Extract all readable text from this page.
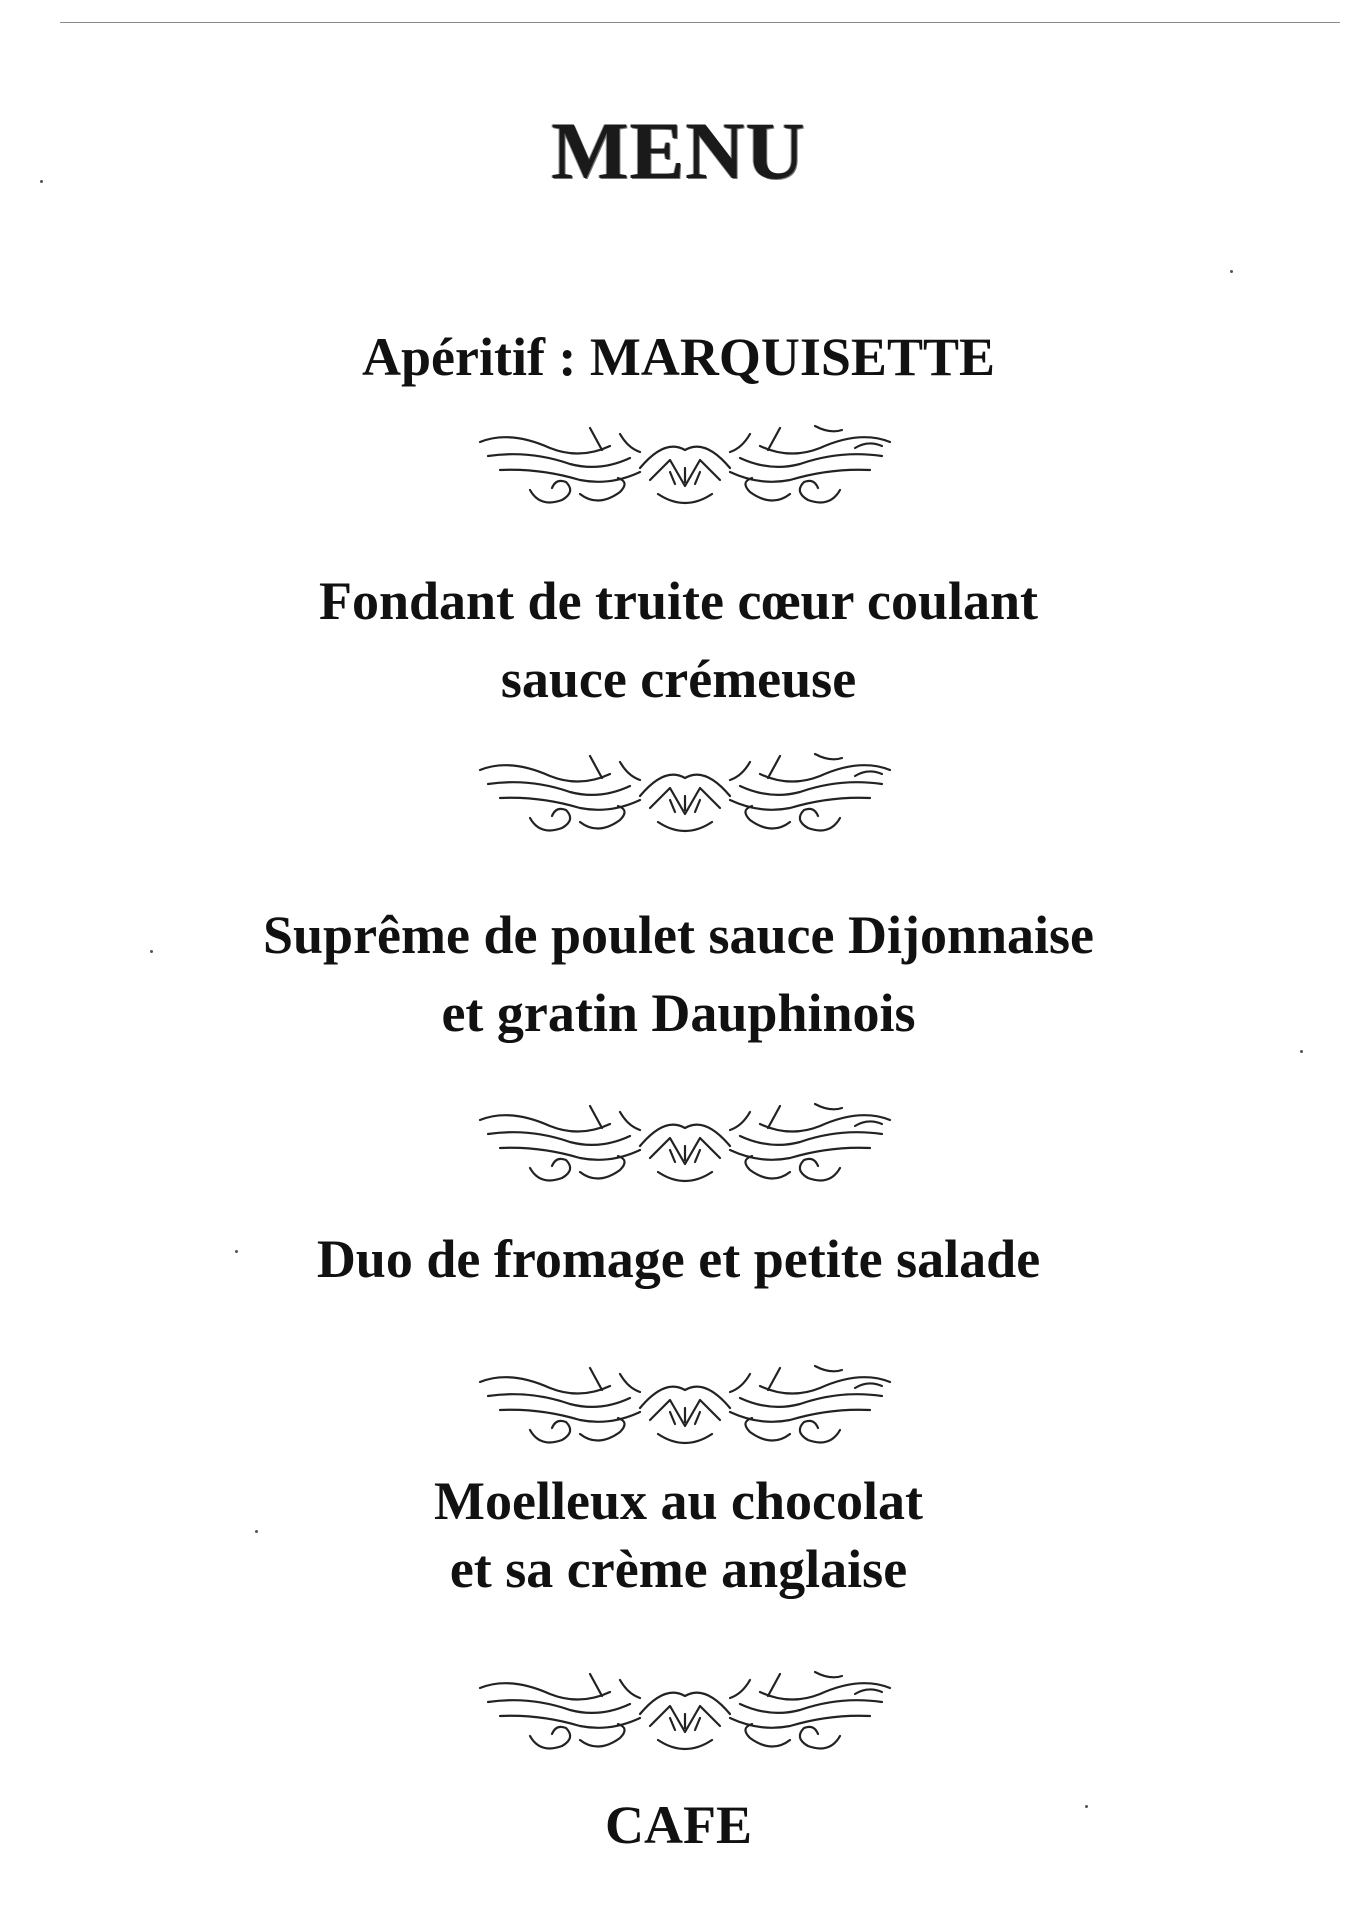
MENU
Apéritif : MARQUISETTE
Fondant de truite cœur coulant
sauce crémeuse
Suprême de poulet sauce Dijonnaise
et gratin Dauphinois
Duo de fromage et petite salade
Moelleux au chocolat
et sa crème anglaise
CAFE
